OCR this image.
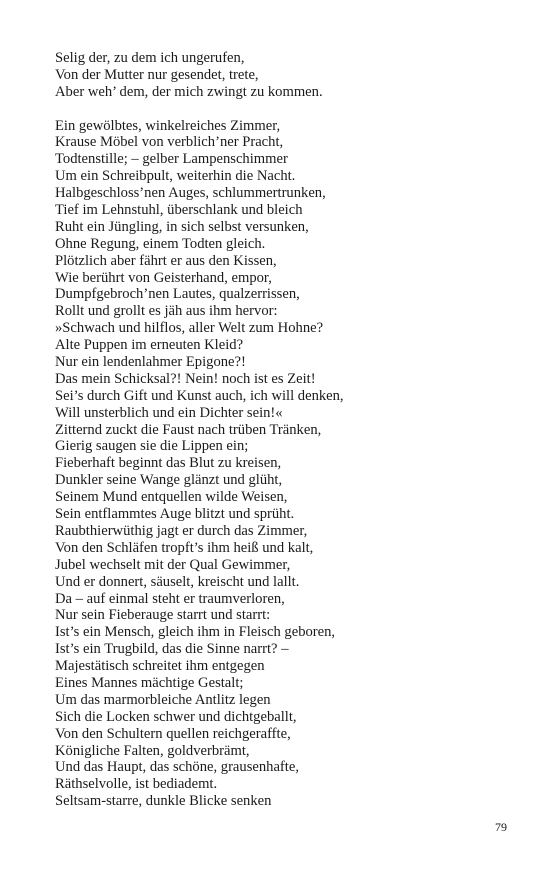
Selig der, zu dem ich ungerufen,
Von der Mutter nur gesendet, trete,
Aber weh’ dem, der mich zwingt zu kommen.
Ein gewölbtes, winkelreiches Zimmer,
Krause Möbel von verblich’ner Pracht,
Todtenstille; – gelber Lampenschimmer
Um ein Schreibpult, weiterhin die Nacht.
Halbgeschloss’nen Auges, schlummertrunken,
Tief im Lehnstuhl, überschlank und bleich
Ruht ein Jüngling, in sich selbst versunken,
Ohne Regung, einem Todten gleich.
Plötzlich aber fährt er aus den Kissen,
Wie berührt von Geisterhand, empor,
Dumpfgebroch’nen Lautes, qualzerrissen,
Rollt und grollt es jäh aus ihm hervor:
»Schwach und hilflos, aller Welt zum Hohne?
Alte Puppen im erneuten Kleid?
Nur ein lendenlahmer Epigone?!
Das mein Schicksal?! Nein! noch ist es Zeit!
Sei’s durch Gift und Kunst auch, ich will denken,
Will unsterblich und ein Dichter sein!«
Zitternd zuckt die Faust nach trüben Tränken,
Gierig saugen sie die Lippen ein;
Fieberhaft beginnt das Blut zu kreisen,
Dunkler seine Wange glänzt und glüht,
Seinem Mund entquellen wilde Weisen,
Sein entflammtes Auge blitzt und sprüht.
Raubthierwüthig jagt er durch das Zimmer,
Von den Schläfen tropft’s ihm heiß und kalt,
Jubel wechselt mit der Qual Gewimmer,
Und er donnert, säuselt, kreischt und lallt.
Da – auf einmal steht er traumverloren,
Nur sein Fieberauge starrt und starrt:
Ist’s ein Mensch, gleich ihm in Fleisch geboren,
Ist’s ein Trugbild, das die Sinne narrt? –
Majestätisch schreitet ihm entgegen
Eines Mannes mächtige Gestalt;
Um das marmorbleiche Antlitz legen
Sich die Locken schwer und dichtgeballt,
Von den Schultern quellen reichgeraffte,
Königliche Falten, goldverbrämt,
Und das Haupt, das schöne, grausenhafte,
Räthselvolle, ist bediademt.
Seltsam-starre, dunkle Blicke senken
79
